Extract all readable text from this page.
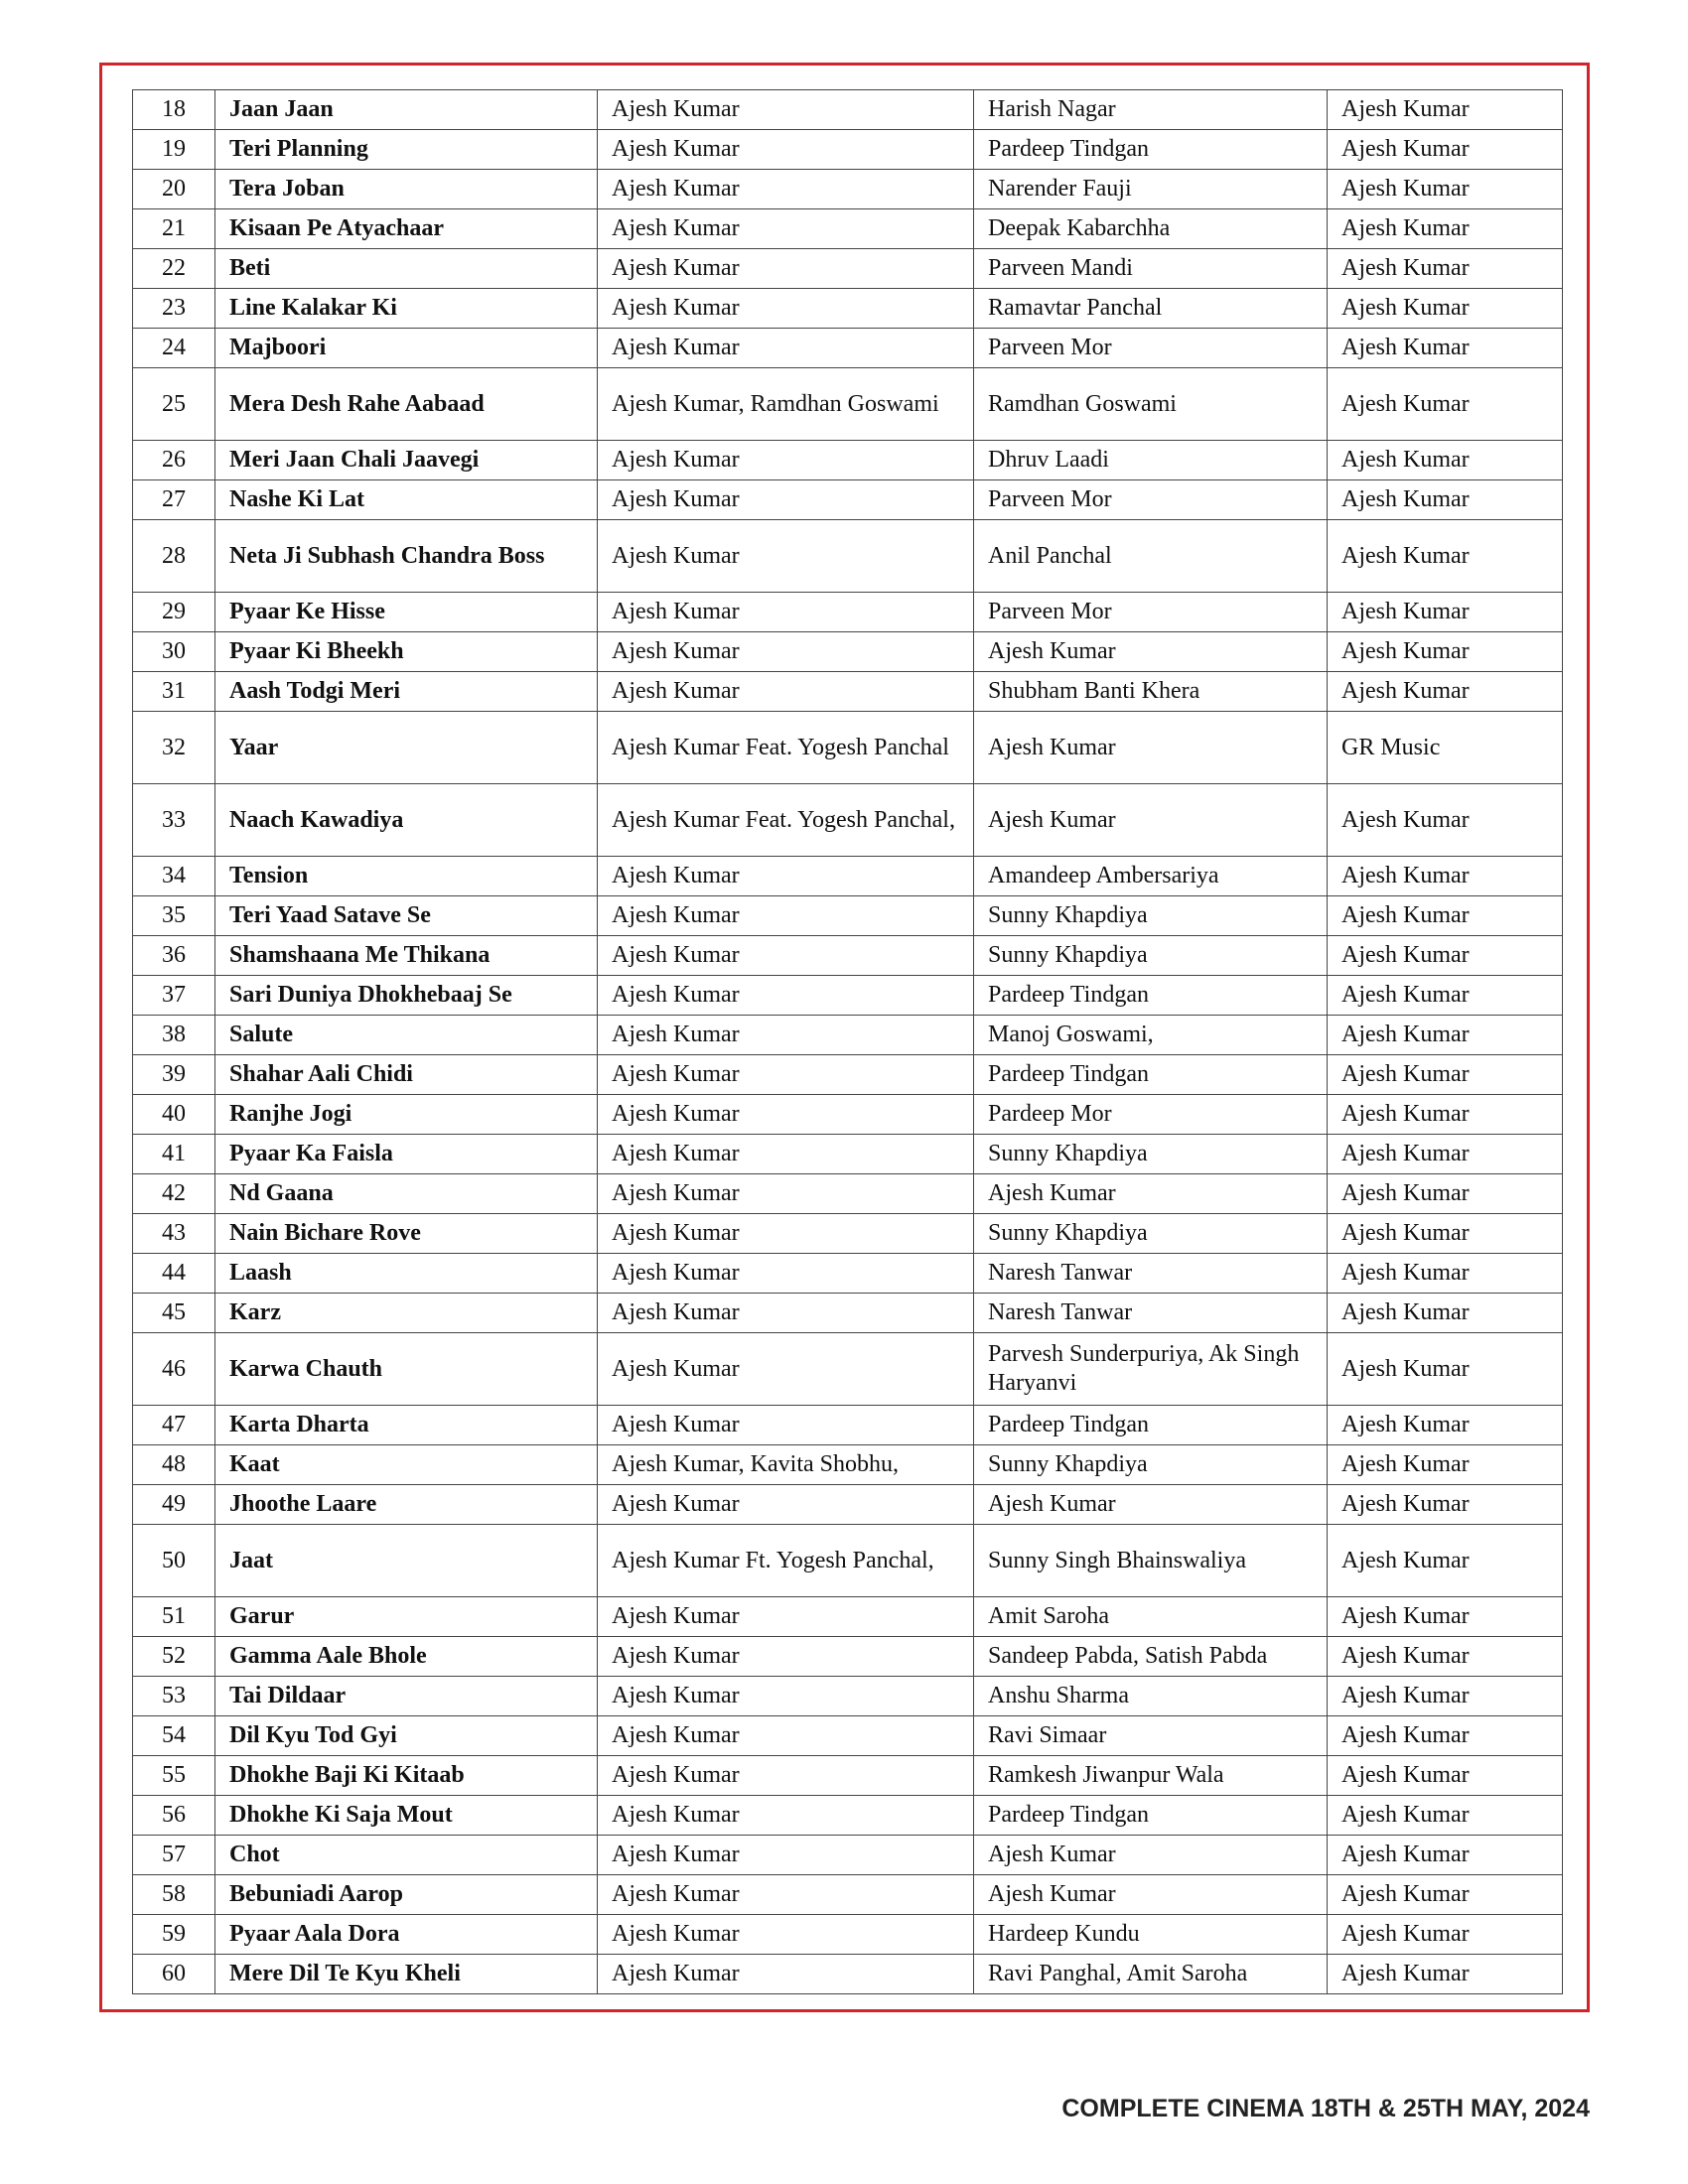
18	Jaan Jaan	Ajesh Kumar	Harish Nagar	Ajesh Kumar
19	Teri Planning	Ajesh Kumar	Pardeep Tindgan	Ajesh Kumar
20	Tera Joban	Ajesh Kumar	Narender Fauji	Ajesh Kumar
21	Kisaan Pe Atyachaar	Ajesh Kumar	Deepak Kabarchha	Ajesh Kumar
22	Beti	Ajesh Kumar	Parveen Mandi	Ajesh Kumar
23	Line Kalakar Ki	Ajesh Kumar	Ramavtar Panchal	Ajesh Kumar
24	Majboori	Ajesh Kumar	Parveen Mor	Ajesh Kumar
25	Mera Desh Rahe Aabaad	Ajesh Kumar, Ramdhan Goswami	Ramdhan Goswami	Ajesh Kumar
26	Meri Jaan Chali Jaavegi	Ajesh Kumar	Dhruv Laadi	Ajesh Kumar
27	Nashe Ki Lat	Ajesh Kumar	Parveen Mor	Ajesh Kumar
28	Neta Ji Subhash Chandra Boss	Ajesh Kumar	Anil Panchal	Ajesh Kumar
29	Pyaar Ke Hisse	Ajesh Kumar	Parveen Mor	Ajesh Kumar
30	Pyaar Ki Bheekh	Ajesh Kumar	Ajesh Kumar	Ajesh Kumar
31	Aash Todgi Meri	Ajesh Kumar	Shubham Banti Khera	Ajesh Kumar
32	Yaar	Ajesh Kumar Feat. Yogesh Panchal	Ajesh Kumar	GR Music
33	Naach Kawadiya	Ajesh Kumar Feat. Yogesh Panchal,	Ajesh Kumar	Ajesh Kumar
34	Tension	Ajesh Kumar	Amandeep Ambersariya	Ajesh Kumar
35	Teri Yaad Satave Se	Ajesh Kumar	Sunny Khapdiya	Ajesh Kumar
36	Shamshaana Me Thikana	Ajesh Kumar	Sunny Khapdiya	Ajesh Kumar
37	Sari Duniya Dhokhebaaj Se	Ajesh Kumar	Pardeep Tindgan	Ajesh Kumar
38	Salute	Ajesh Kumar	Manoj Goswami,	Ajesh Kumar
39	Shahar Aali Chidi	Ajesh Kumar	Pardeep Tindgan	Ajesh Kumar
40	Ranjhe Jogi	Ajesh Kumar	Pardeep Mor	Ajesh Kumar
41	Pyaar Ka Faisla	Ajesh Kumar	Sunny Khapdiya	Ajesh Kumar
42	Nd Gaana	Ajesh Kumar	Ajesh Kumar	Ajesh Kumar
43	Nain Bichare Rove	Ajesh Kumar	Sunny Khapdiya	Ajesh Kumar
44	Laash	Ajesh Kumar	Naresh Tanwar	Ajesh Kumar
45	Karz	Ajesh Kumar	Naresh Tanwar	Ajesh Kumar
46	Karwa Chauth	Ajesh Kumar	Parvesh Sunderpuriya, Ak Singh Haryanvi	Ajesh Kumar
47	Karta Dharta	Ajesh Kumar	Pardeep Tindgan	Ajesh Kumar
48	Kaat	Ajesh Kumar, Kavita Shobhu,	Sunny Khapdiya	Ajesh Kumar
49	Jhoothe Laare	Ajesh Kumar	Ajesh Kumar	Ajesh Kumar
50	Jaat	Ajesh Kumar Ft. Yogesh Panchal,	Sunny Singh Bhainswaliya	Ajesh Kumar
51	Garur	Ajesh Kumar	Amit Saroha	Ajesh Kumar
52	Gamma Aale Bhole	Ajesh Kumar	Sandeep Pabda, Satish Pabda	Ajesh Kumar
53	Tai Dildaar	Ajesh Kumar	Anshu Sharma	Ajesh Kumar
54	Dil Kyu Tod Gyi	Ajesh Kumar	Ravi Simaar	Ajesh Kumar
55	Dhokhe Baji Ki Kitaab	Ajesh Kumar	Ramkesh Jiwanpur Wala	Ajesh Kumar
56	Dhokhe Ki Saja Mout	Ajesh Kumar	Pardeep Tindgan	Ajesh Kumar
57	Chot	Ajesh Kumar	Ajesh Kumar	Ajesh Kumar
58	Bebuniadi Aarop	Ajesh Kumar	Ajesh Kumar	Ajesh Kumar
59	Pyaar Aala Dora	Ajesh Kumar	Hardeep Kundu	Ajesh Kumar
60	Mere Dil Te Kyu Kheli	Ajesh Kumar	Ravi Panghal, Amit Saroha	Ajesh Kumar
COMPLETE CINEMA 18TH & 25TH MAY, 2024
